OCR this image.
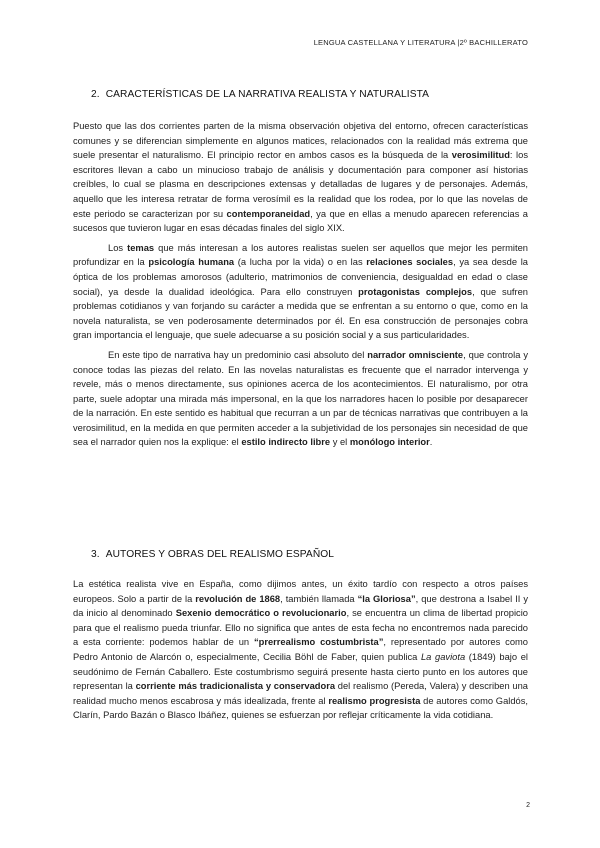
LENGUA CASTELLANA Y LITERATURA |2º BACHILLERATO
2. CARACTERÍSTICAS DE LA NARRATIVA REALISTA Y NATURALISTA

Puesto que las dos corrientes parten de la misma observación objetiva del entorno, ofrecen características comunes y se diferencian simplemente en algunos matices, relacionados con la realidad más extrema que suele presentar el naturalismo. El principio rector en ambos casos es la búsqueda de la verosimilitud: los escritores llevan a cabo un minucioso trabajo de análisis y documentación para componer así historias creíbles, lo cual se plasma en descripciones extensas y detalladas de lugares y de personajes. Además, aquello que les interesa retratar de forma verosímil es la realidad que los rodea, por lo que las novelas de este periodo se caracterizan por su contemporaneidad, ya que en ellas a menudo aparecen referencias a sucesos que tuvieron lugar en esas décadas finales del siglo XIX.

Los temas que más interesan a los autores realistas suelen ser aquellos que mejor les permiten profundizar en la psicología humana (a lucha por la vida) o en las relaciones sociales, ya sea desde la óptica de los problemas amorosos (adulterio, matrimonios de conveniencia, desigualdad en edad o clase social), ya desde la dualidad ideológica. Para ello construyen protagonistas complejos, que sufren problemas cotidianos y van forjando su carácter a medida que se enfrentan a su entorno o que, como en la novela naturalista, se ven poderosamente determinados por él. En esa construcción de personajes cobra gran importancia el lenguaje, que suele adecuarse a su posición social y a sus particularidades.

En este tipo de narrativa hay un predominio casi absoluto del narrador omnisciente, que controla y conoce todas las piezas del relato. En las novelas naturalistas es frecuente que el narrador intervenga y revele, más o menos directamente, sus opiniones acerca de los acontecimientos. El naturalismo, por otra parte, suele adoptar una mirada más impersonal, en la que los narradores hacen lo posible por desaparecer de la narración. En este sentido es habitual que recurran a un par de técnicas narrativas que contribuyen a la verosimilitud, en la medida en que permiten acceder a la subjetividad de los personajes sin necesidad de que sea el narrador quien nos la explique: el estilo indirecto libre y el monólogo interior.

3. AUTORES Y OBRAS DEL REALISMO ESPAÑOL

La estética realista vive en España, como dijimos antes, un éxito tardío con respecto a otros países europeos. Solo a partir de la revolución de 1868, también llamada “la Gloriosa”, que destrona a Isabel II y da inicio al denominado Sexenio democrático o revolucionario, se encuentra un clima de libertad propicio para que el realismo pueda triunfar. Ello no significa que antes de esta fecha no encontremos nada parecido a esta corriente: podemos hablar de un “prerrealismo costumbrista”, representado por autores como Pedro Antonio de Alarcón o, especialmente, Cecilia Böhl de Faber, quien publica La gaviota (1849) bajo el seudónimo de Fernán Caballero. Este costumbrismo seguirá presente hasta cierto punto en los autores que representan la corriente más tradicionalista y conservadora del realismo (Pereda, Valera) y describen una realidad mucho menos escabrosa y más idealizada, frente al realismo progresista de autores como Galdós, Clarín, Pardo Bazán o Blasco Ibáñez, quienes se esfuerzan por reflejar críticamente la vida cotidiana.

2
